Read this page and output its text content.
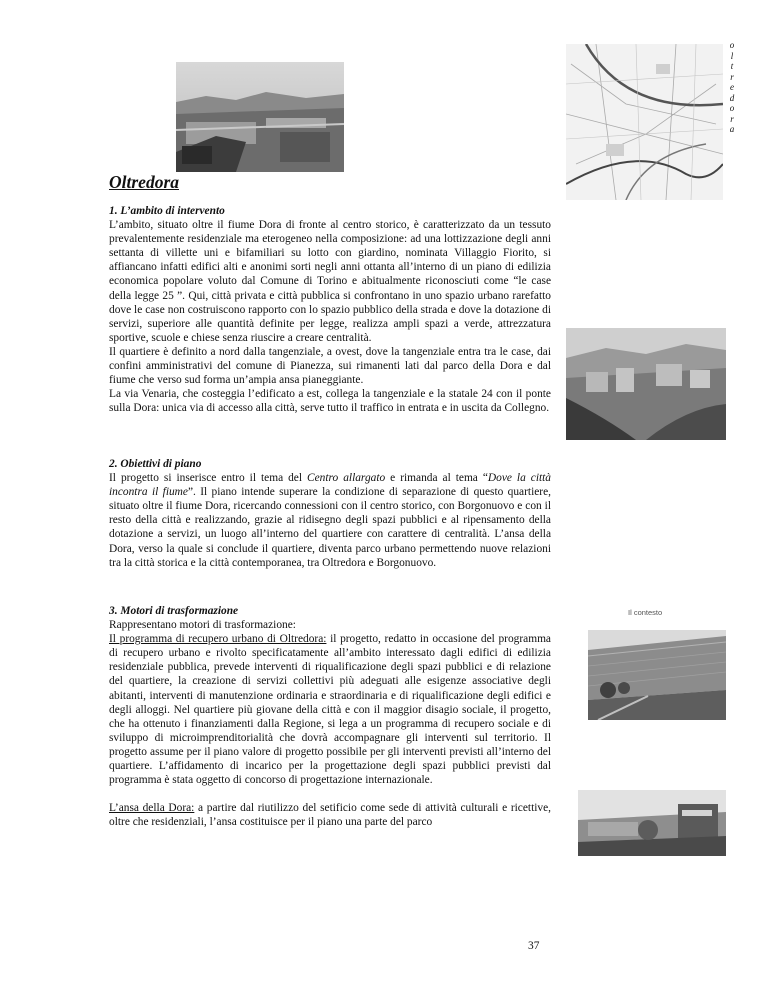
o
l
t
r
e
d
o
r
a
Oltredora

1. L’ambito di intervento

L’ambito, situato oltre il fiume Dora di fronte al centro storico, è caratterizzato da un tessuto prevalentemente residenziale ma eterogeneo nella composizione: ad una lottizzazione degli anni settanta di villette uni e bifamiliari su lotto con giardino, nominata Villaggio Fiorito, si affiancano infatti edifici alti e anonimi sorti negli anni ottanta all’interno di un piano di edilizia economica popolare voluto dal Comune di Torino e abitualmente riconosciuti come “le case della legge 25 ”. Qui, città privata e città pubblica si confrontano in uno spazio urbano rarefatto dove le case non costruiscono rapporto con lo spazio pubblico della strada e dove la dotazione di servizi, superiore alle quantità definite per legge, realizza ampli spazi a verde, attrezzatura sportive, scuole e chiese senza riuscire a creare centralità.

Il quartiere è definito a nord dalla tangenziale, a ovest, dove la tangenziale entra tra le case, dai confini amministrativi del comune di Pianezza, sui rimanenti lati dal parco della Dora e dal fiume che verso sud forma un’ampia ansa pianeggiante.

La via Venaria, che costeggia l’edificato a est, collega la tangenziale e la statale 24 con il ponte sulla Dora: unica via di accesso alla città, serve tutto il traffico in entrata e in uscita da Collegno.

2. Obiettivi di piano

Il progetto si inserisce entro il tema del Centro allargato e rimanda al tema “Dove la città incontra il fiume”. Il piano intende superare la condizione di separazione di questo quartiere, situato oltre il fiume Dora, ricercando connessioni con il centro storico, con Borgonuovo e con il resto della città e realizzando, grazie al ridisegno degli spazi pubblici e al ripensamento della dotazione a servizi, un luogo all’interno del quartiere con carattere di centralità. L’ansa della Dora, verso la quale si conclude il quartiere, diventa parco urbano permettendo nuove relazioni tra la città storica e la città contemporanea, tra Oltredora e Borgonuovo.

3. Motori di trasformazione

Rappresentano motori di trasformazione:

Il programma di recupero urbano di Oltredora: il progetto, redatto in occasione del programma di recupero urbano e rivolto specificatamente all’ambito interessato dagli edifici di edilizia residenziale pubblica, prevede interventi di riqualificazione degli spazi pubblici e di relazione del quartiere, la creazione di servizi collettivi più adeguati alle esigenze associative degli abitanti, interventi di manutenzione ordinaria e straordinaria e di riqualificazione degli edifici e degli alloggi. Nel quartiere più giovane della città e con il maggior disagio sociale, il progetto, che ha ottenuto i finanziamenti dalla Regione, si lega a un programma di recupero sociale e di sviluppo di microimprenditorialità che dovrà accompagnare gli interventi sul territorio. Il progetto assume per il piano valore di progetto possibile per gli interventi previsti all’interno del quartiere. L’affidamento di incarico per la progettazione degli spazi pubblici previsti dal programma è stata oggetto di concorso di progettazione internazionale.

L’ansa della Dora: a partire dal riutilizzo del setificio come sede di attività culturali e ricettive, oltre che residenziali, l’ansa costituisce per il piano una parte del parco

Il contesto
37
